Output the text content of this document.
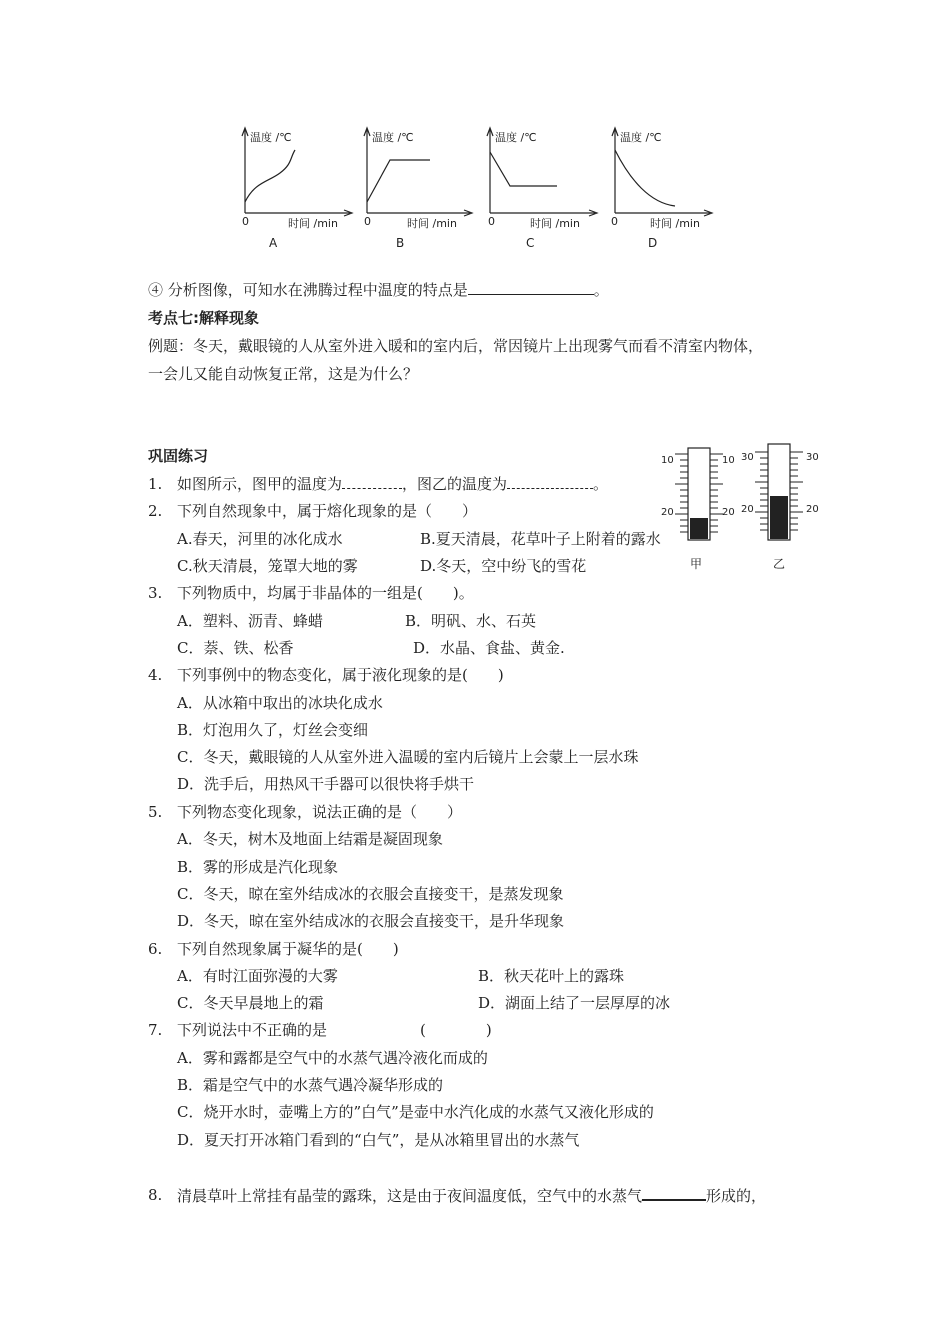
温度 /℃
时间 /min
0
A
温度 /℃
时间 /min
0
B
温度 /℃
时间 /min
0
C
温度 /℃
时间 /min
0
D
④ 分析图像，可知水在沸腾过程中温度的特点是	。
考点七:解释现象
例题：冬天，戴眼镜的人从室外进入暖和的室内后，常因镜片上出现雾气而看不清室内物体，
一会儿又能自动恢复正常，这是为什么？
巩固练习	10	10
20	20
30	30
20	20
甲	乙
1. 如图所示，图甲的温度为	，图乙的温度为	。
2. 下列自然现象中，属于熔化现象的是（　　）
A.春天，河里的冰化成水	B.夏天清晨，花草叶子上附着的露水
C.秋天清晨，笼罩大地的雾	D.冬天，空中纷飞的雪花
3. 下列物质中，均属于非晶体的一组是(　　)。
A．塑料、沥青、蜂蜡	B．明矾、水、石英
C．萘、铁、松香	D．水晶、食盐、黄金.
4. 下列事例中的物态变化，属于液化现象的是(　　)
A．从冰箱中取出的冰块化成水
B．灯泡用久了，灯丝会变细
C．冬天，戴眼镜的人从室外进入温暖的室内后镜片上会蒙上一层水珠
D．洗手后，用热风干手器可以很快将手烘干
5. 下列物态变化现象，说法正确的是（　　）
A．冬天，树木及地面上结霜是凝固现象
B．雾的形成是汽化现象
C．冬天，晾在室外结成冰的衣服会直接变干，是蒸发现象
D．冬天，晾在室外结成冰的衣服会直接变干，是升华现象
6. 下列自然现象属于凝华的是(　　)
A．有时江面弥漫的大雾	B．秋天花叶上的露珠
C．冬天早晨地上的霜	D．湖面上结了一层厚厚的冰
7. 下列说法中不正确的是	(　　　　)
A．雾和露都是空气中的水蒸气遇冷液化而成的
B．霜是空气中的水蒸气遇冷凝华形成的
C．烧开水时，壶嘴上方的”白气”是壶中水汽化成的水蒸气又液化形成的
D．夏天打开冰箱门看到的“白气”，是从冰箱里冒出的水蒸气
8. 清晨草叶上常挂有晶莹的露珠，这是由于夜间温度低，空气中的水蒸气	形成的，
